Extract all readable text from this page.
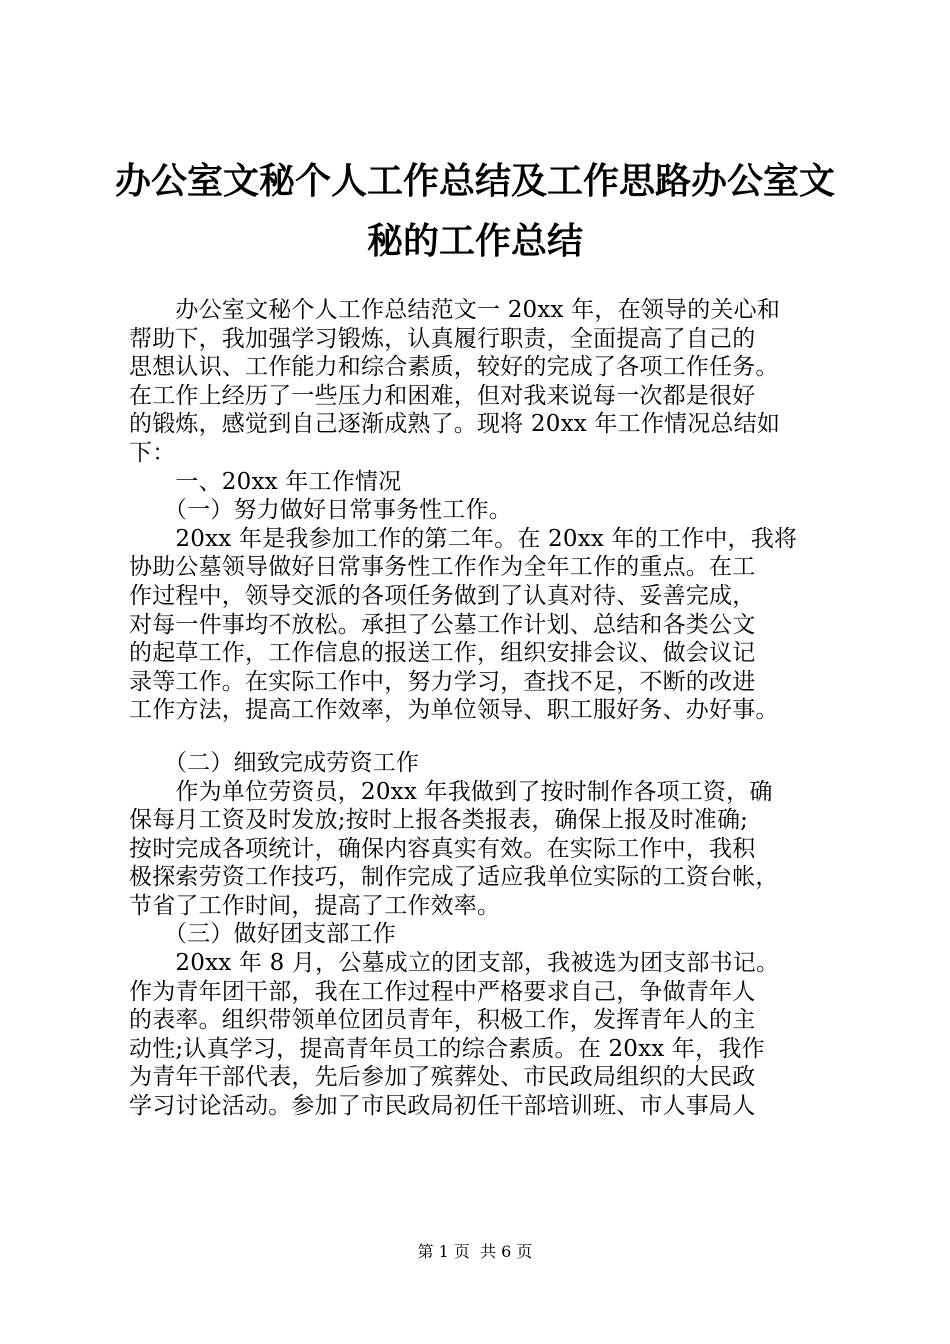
办公室文秘个人工作总结及工作思路办公室文
秘的工作总结
　　办公室文秘个人工作总结范文一 20xx 年，在领导的关心和
帮助下，我加强学习锻炼，认真履行职责，全面提高了自己的
思想认识、工作能力和综合素质，较好的完成了各项工作任务。
在工作上经历了一些压力和困难，但对我来说每一次都是很好
的锻炼，感觉到自己逐渐成熟了。现将 20xx 年工作情况总结如
下：
　　一、20xx 年工作情况
　　（一）努力做好日常事务性工作。
　　20xx 年是我参加工作的第二年。在 20xx 年的工作中，我将
协助公墓领导做好日常事务性工作作为全年工作的重点。在工
作过程中，领导交派的各项任务做到了认真对待、妥善完成，
对每一件事均不放松。承担了公墓工作计划、总结和各类公文
的起草工作，工作信息的报送工作，组织安排会议、做会议记
录等工作。在实际工作中，努力学习，查找不足，不断的改进
工作方法，提高工作效率，为单位领导、职工服好务、办好事。
　　（二）细致完成劳资工作
　　作为单位劳资员，20xx 年我做到了按时制作各项工资，确
保每月工资及时发放;按时上报各类报表，确保上报及时准确;
按时完成各项统计，确保内容真实有效。在实际工作中，我积
极探索劳资工作技巧，制作完成了适应我单位实际的工资台帐，
节省了工作时间，提高了工作效率。
　　（三）做好团支部工作
　　20xx 年 8 月，公墓成立的团支部，我被选为团支部书记。
作为青年团干部，我在工作过程中严格要求自己，争做青年人
的表率。组织带领单位团员青年，积极工作，发挥青年人的主
动性;认真学习，提高青年员工的综合素质。在 20xx 年，我作
为青年干部代表，先后参加了殡葬处、市民政局组织的大民政
学习讨论活动。参加了市民政局初任干部培训班、市人事局人
第 1 页  共 6 页
